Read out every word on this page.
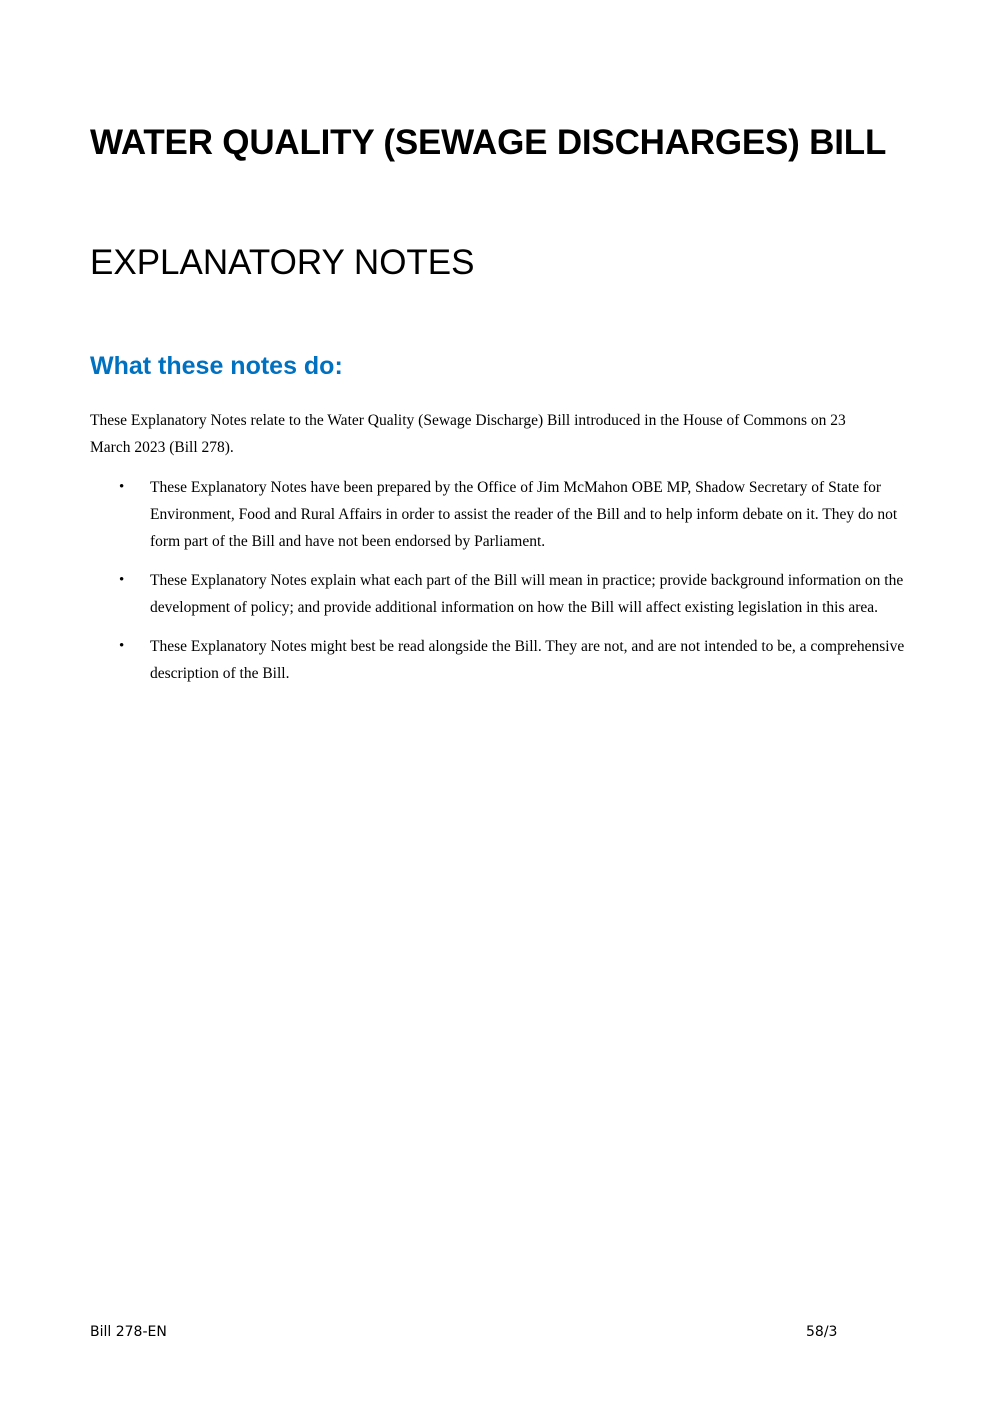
WATER QUALITY (SEWAGE DISCHARGES) BILL
EXPLANATORY NOTES
What these notes do:

These Explanatory Notes relate to the Water Quality (Sewage Discharge) Bill introduced in the House of Commons on 23 March 2023 (Bill 278).

• These Explanatory Notes have been prepared by the Office of Jim McMahon OBE MP, Shadow Secretary of State for Environment, Food and Rural Affairs in order to assist the reader of the Bill and to help inform debate on it. They do not form part of the Bill and have not been endorsed by Parliament.
• These Explanatory Notes explain what each part of the Bill will mean in practice; provide background information on the development of policy; and provide additional information on how the Bill will affect existing legislation in this area.
• These Explanatory Notes might best be read alongside the Bill. They are not, and are not intended to be, a comprehensive description of the Bill.
Bill 278-EN	58/3
